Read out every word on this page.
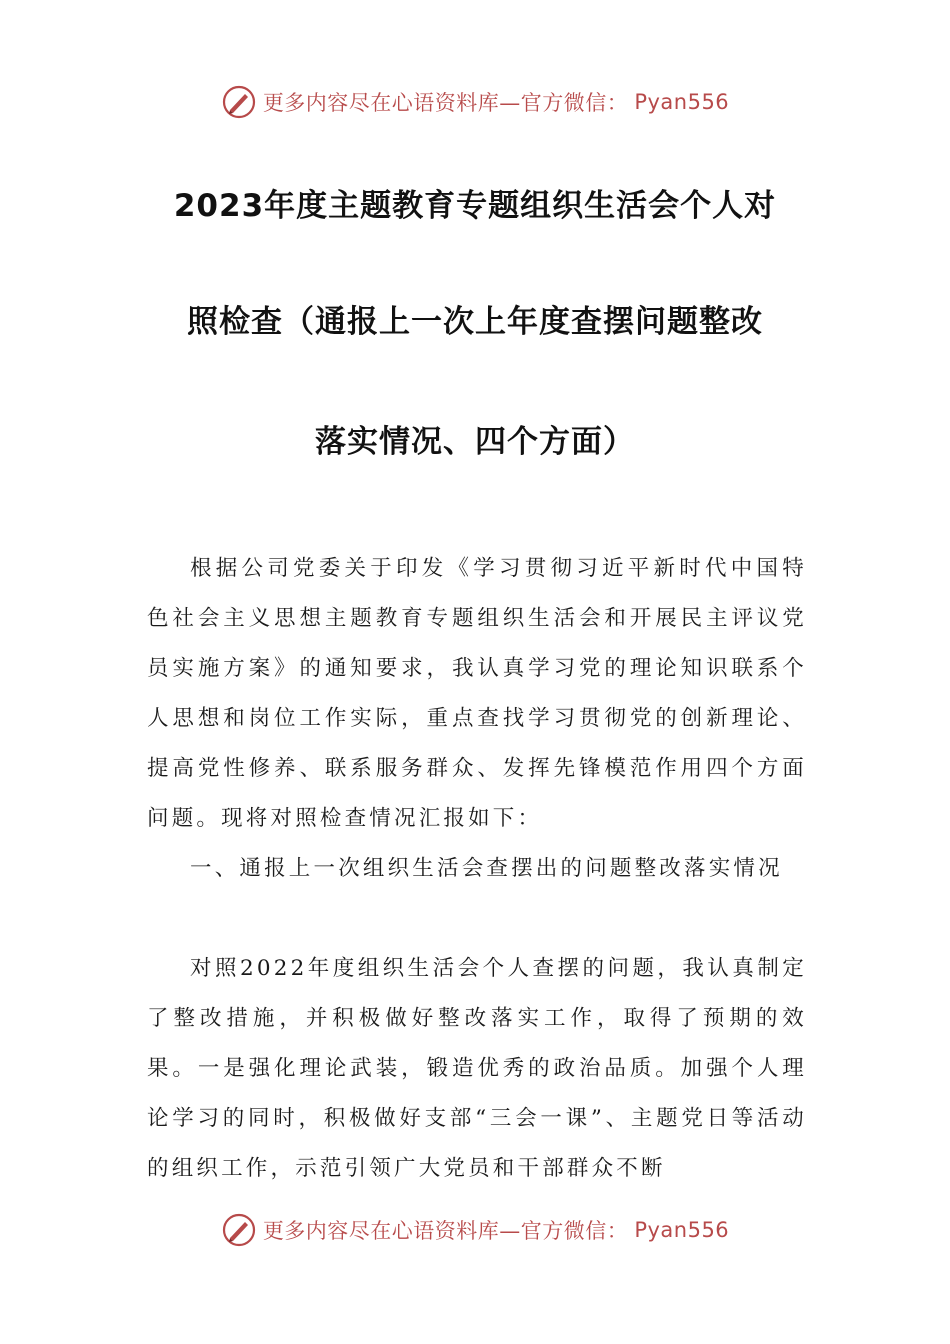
更多内容尽在心语资料库—官方微信： Pyan556
2023年度主题教育专题组织生活会个人对
照检查（通报上一次上年度查摆问题整改
落实情况、四个方面）

根据公司党委关于印发《学习贯彻习近平新时代中国特色社会主义思想主题教育专题组织生活会和开展民主评议党员实施方案》的通知要求，我认真学习党的理论知识联系个人思想和岗位工作实际，重点查找学习贯彻党的创新理论、提高党性修养、联系服务群众、发挥先锋模范作用四个方面问题。现将对照检查情况汇报如下：

一、通报上一次组织生活会查摆出的问题整改落实情况

对照2022年度组织生活会个人查摆的问题，我认真制定了整改措施，并积极做好整改落实工作，取得了预期的效果。一是强化理论武装，锻造优秀的政治品质。加强个人理论学习的同时，积极做好支部“三会一课”、主题党日等活动的组织工作，示范引领广大党员和干部群众不断

更多内容尽在心语资料库—官方微信： Pyan556
